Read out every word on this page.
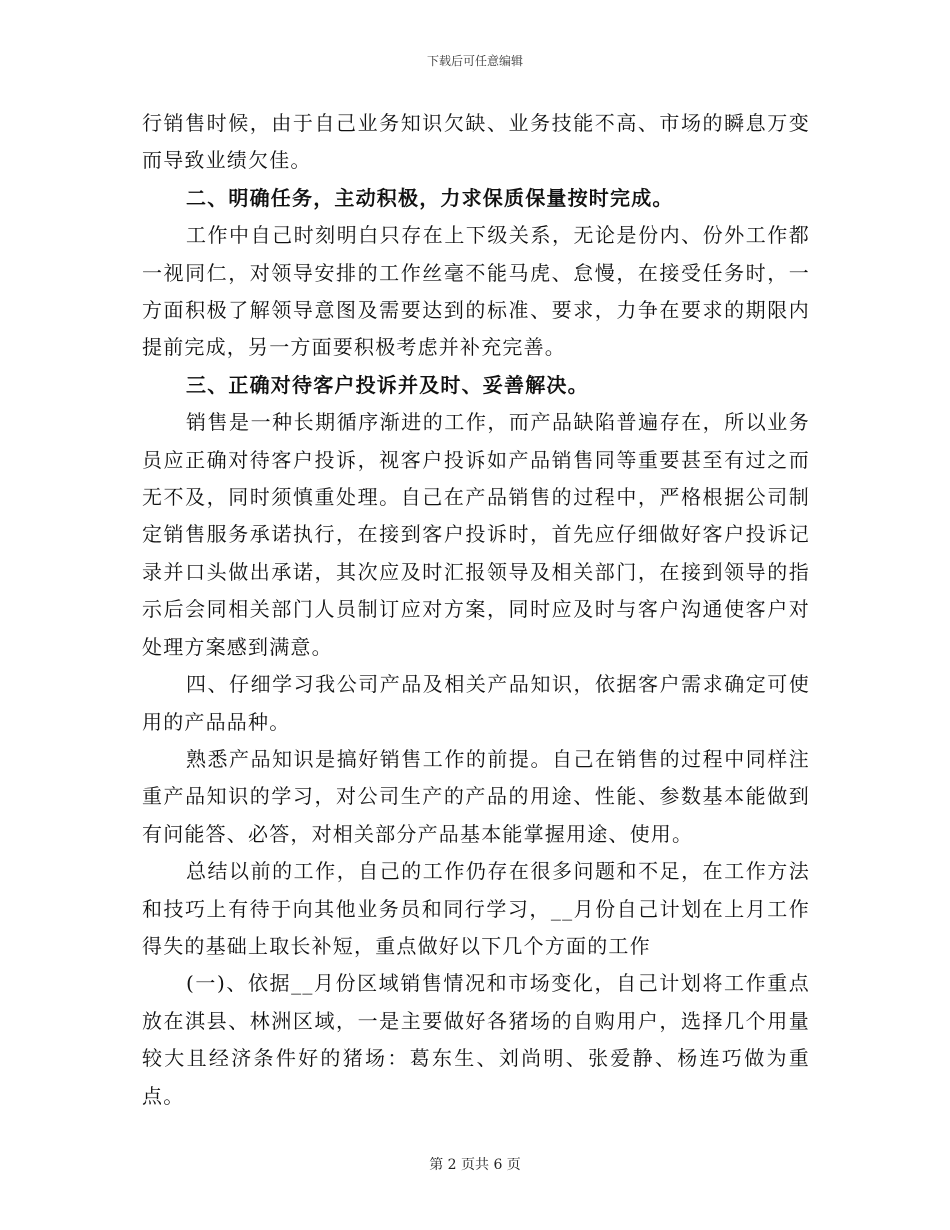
下载后可任意编辑

行销售时候，由于自己业务知识欠缺、业务技能不高、市场的瞬息万变而导致业绩欠佳。

二、明确任务，主动积极，力求保质保量按时完成。

工作中自己时刻明白只存在上下级关系，无论是份内、份外工作都一视同仁，对领导安排的工作丝毫不能马虎、怠慢，在接受任务时，一方面积极了解领导意图及需要达到的标准、要求，力争在要求的期限内提前完成，另一方面要积极考虑并补充完善。

三、正确对待客户投诉并及时、妥善解决。

销售是一种长期循序渐进的工作，而产品缺陷普遍存在，所以业务员应正确对待客户投诉，视客户投诉如产品销售同等重要甚至有过之而无不及，同时须慎重处理。自己在产品销售的过程中，严格根据公司制定销售服务承诺执行，在接到客户投诉时，首先应仔细做好客户投诉记录并口头做出承诺，其次应及时汇报领导及相关部门，在接到领导的指示后会同相关部门人员制订应对方案，同时应及时与客户沟通使客户对处理方案感到满意。

四、仔细学习我公司产品及相关产品知识，依据客户需求确定可使用的产品品种。

熟悉产品知识是搞好销售工作的前提。自己在销售的过程中同样注重产品知识的学习，对公司生产的产品的用途、性能、参数基本能做到有问能答、必答，对相关部分产品基本能掌握用途、使用。

总结以前的工作，自己的工作仍存在很多问题和不足，在工作方法和技巧上有待于向其他业务员和同行学习，__月份自己计划在上月工作得失的基础上取长补短，重点做好以下几个方面的工作

(一)、依据__月份区域销售情况和市场变化，自己计划将工作重点放在淇县、林洲区域，一是主要做好各猪场的自购用户，选择几个用量较大且经济条件好的猪场：葛东生、刘尚明、张爱静、杨连巧做为重点。

第 2 页共 6 页
